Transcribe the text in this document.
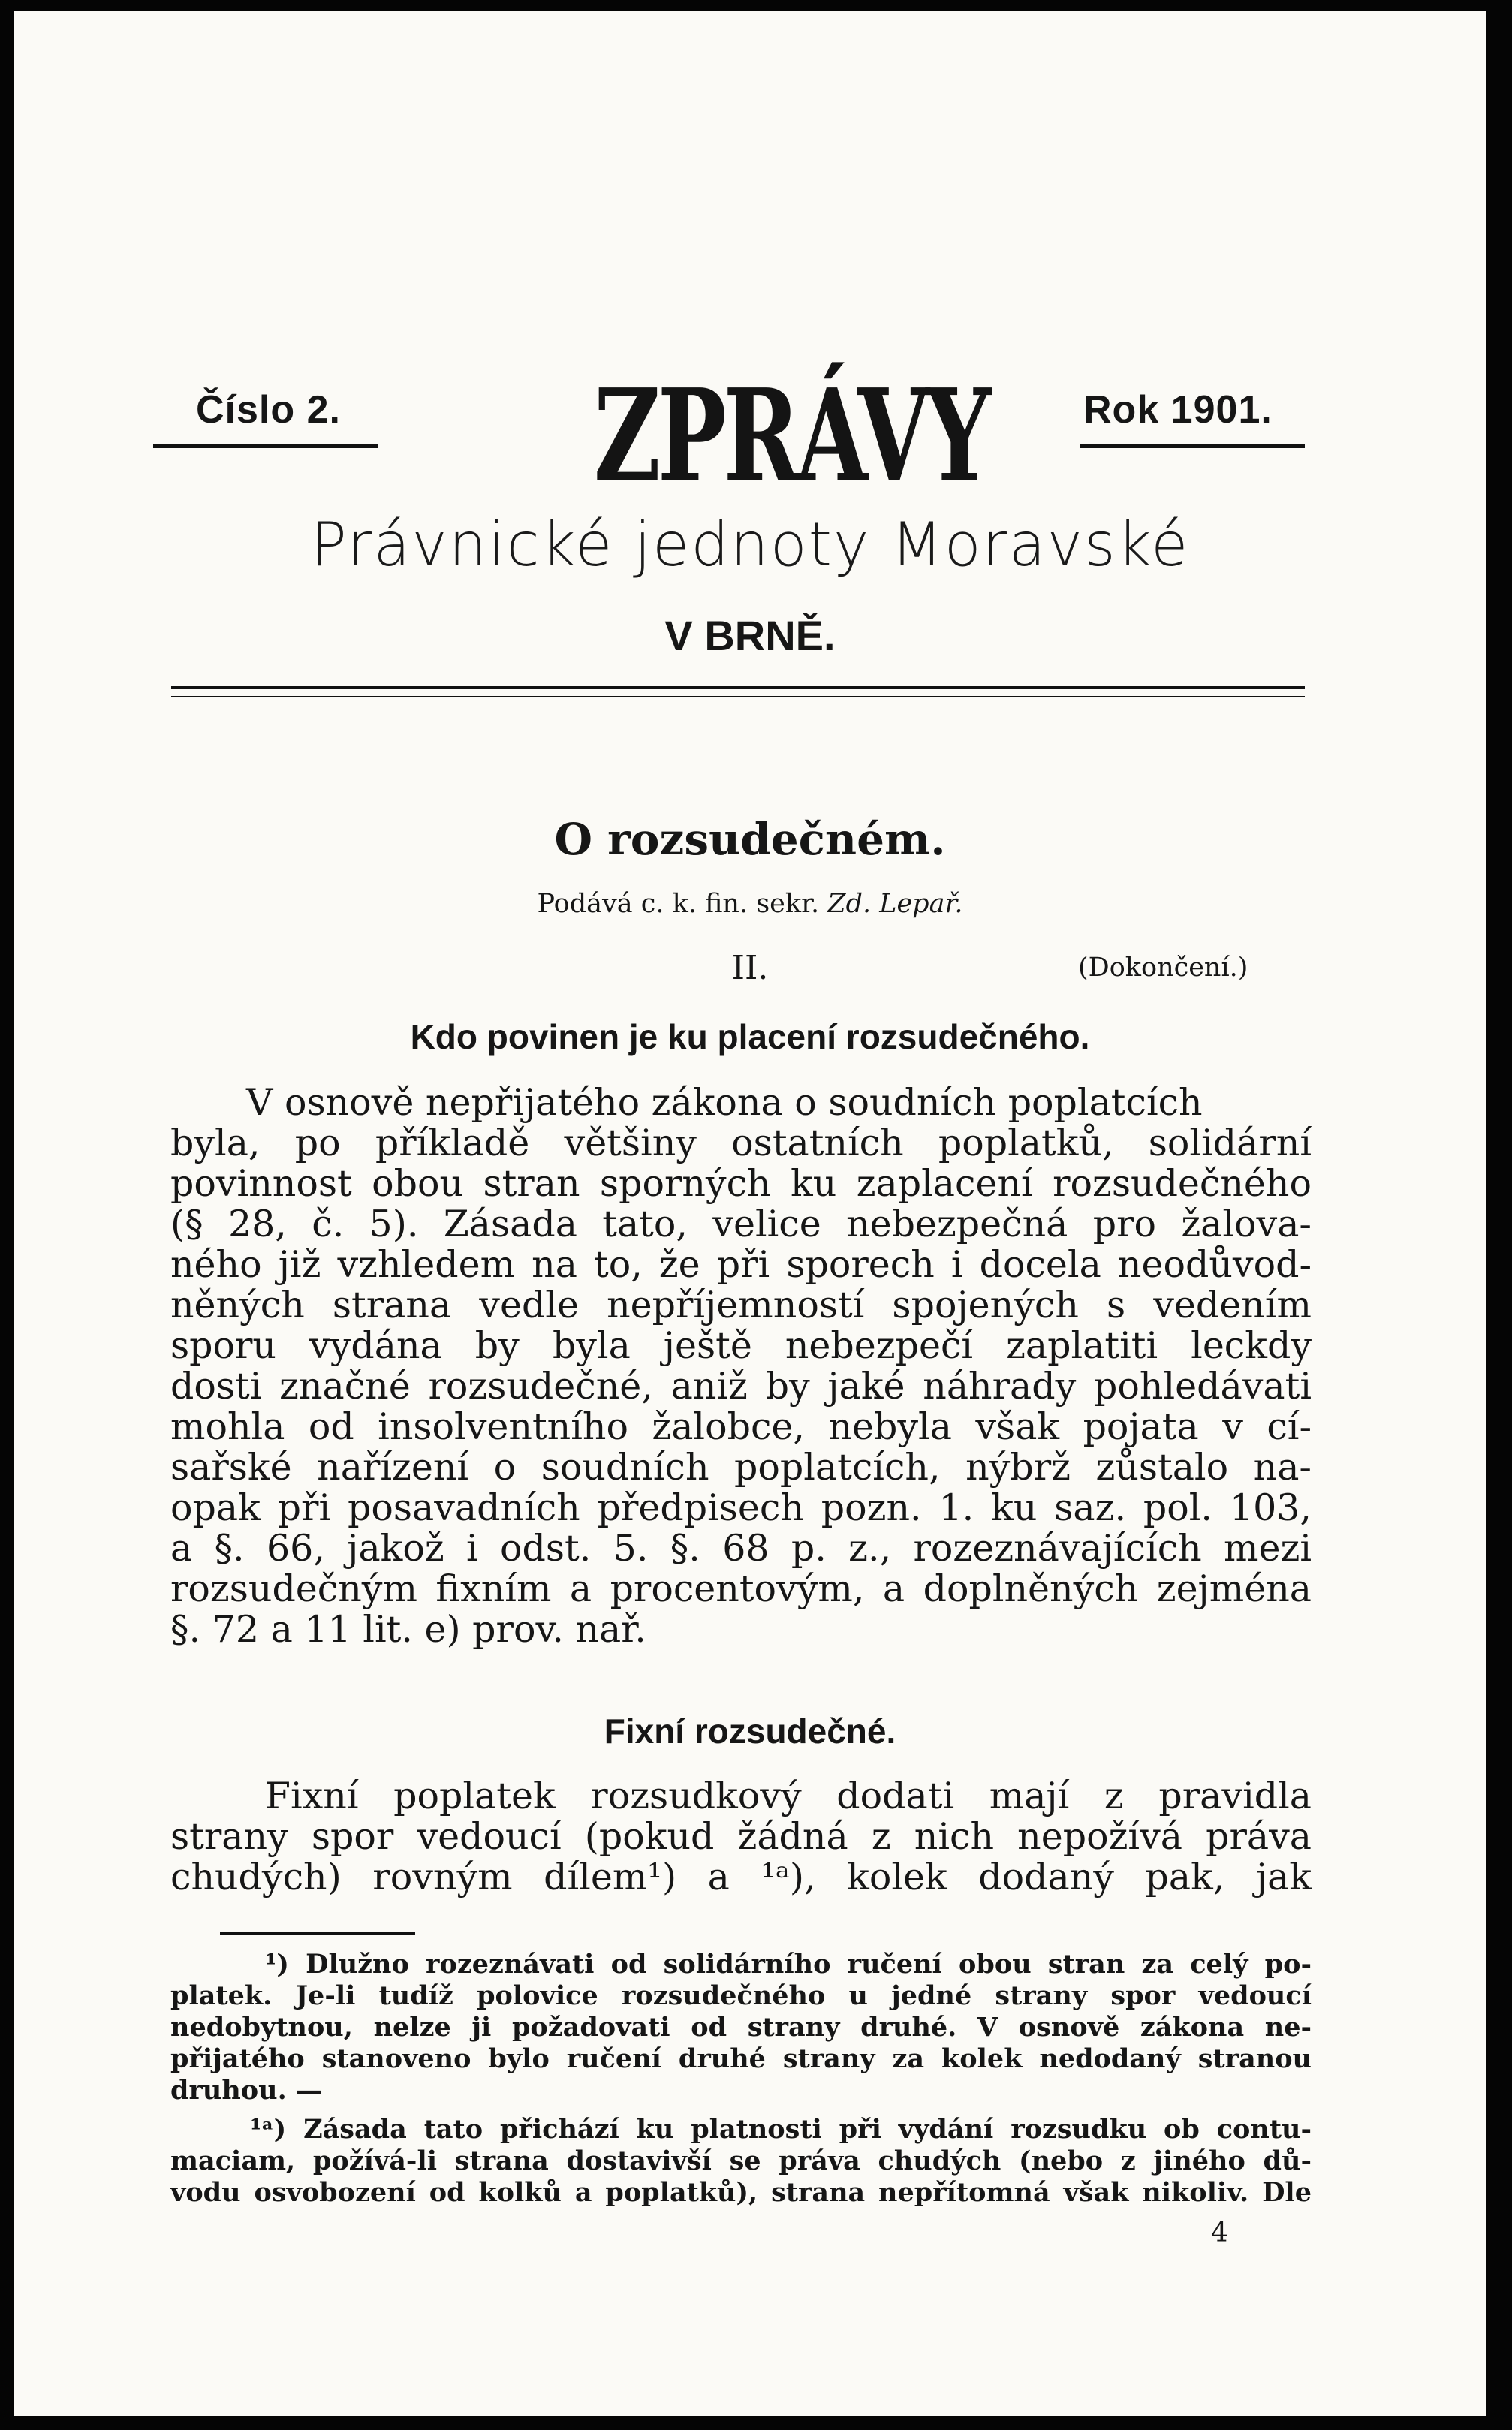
Číslo 2. ZPRÁVY Rok 1901.
Právnické jednoty Moravské
V BRNĚ.
O rozsudečném.
Podává c. k. fin. sekr. Zd. Lepař.
II.	(Dokončení.)
Kdo povinen je ku placení rozsudečného.
V osnově nepřijatého zákona o soudních poplatcích
byla, po příkladě většiny ostatních poplatků, solidární
povinnost obou stran sporných ku zaplacení rozsudečného
(§ 28, č. 5). Zásada tato, velice nebezpečná pro žalova-
ného již vzhledem na to, že při sporech i docela neodůvod-
něných strana vedle nepříjemností spojených s vedením
sporu vydána by byla ještě nebezpečí zaplatiti leckdy
dosti značné rozsudečné, aniž by jaké náhrady pohledávati
mohla od insolventního žalobce, nebyla však pojata v cí-
sařské nařízení o soudních poplatcích, nýbrž zůstalo na-
opak při posavadních předpisech pozn. 1. ku saz. pol. 103,
a §. 66, jakož i odst. 5. §. 68 p. z., rozeznávajících mezi
rozsudečným fixním a procentovým, a doplněných zejména
§. 72 a 11 lit. e) prov. nař.
Fixní rozsudečné.
Fixní poplatek rozsudkový dodati mají z pravidla
strany spor vedoucí (pokud žádná z nich nepožívá práva
chudých) rovným dílem¹) a ¹ᵃ), kolek dodaný pak, jak
¹) Dlužno rozeznávati od solidárního ručení obou stran za celý po-
platek. Je-li tudíž polovice rozsudečného u jedné strany spor vedoucí
nedobytnou, nelze ji požadovati od strany druhé. V osnově zákona ne-
přijatého stanoveno bylo ručení druhé strany za kolek nedodaný stranou
druhou. —
¹ᵃ) Zásada tato přichází ku platnosti při vydání rozsudku ob contu-
maciam, požívá-li strana dostavivší se práva chudých (nebo z jiného dů-
vodu osvobození od kolků a poplatků), strana nepřítomná však nikoliv. Dle
4
